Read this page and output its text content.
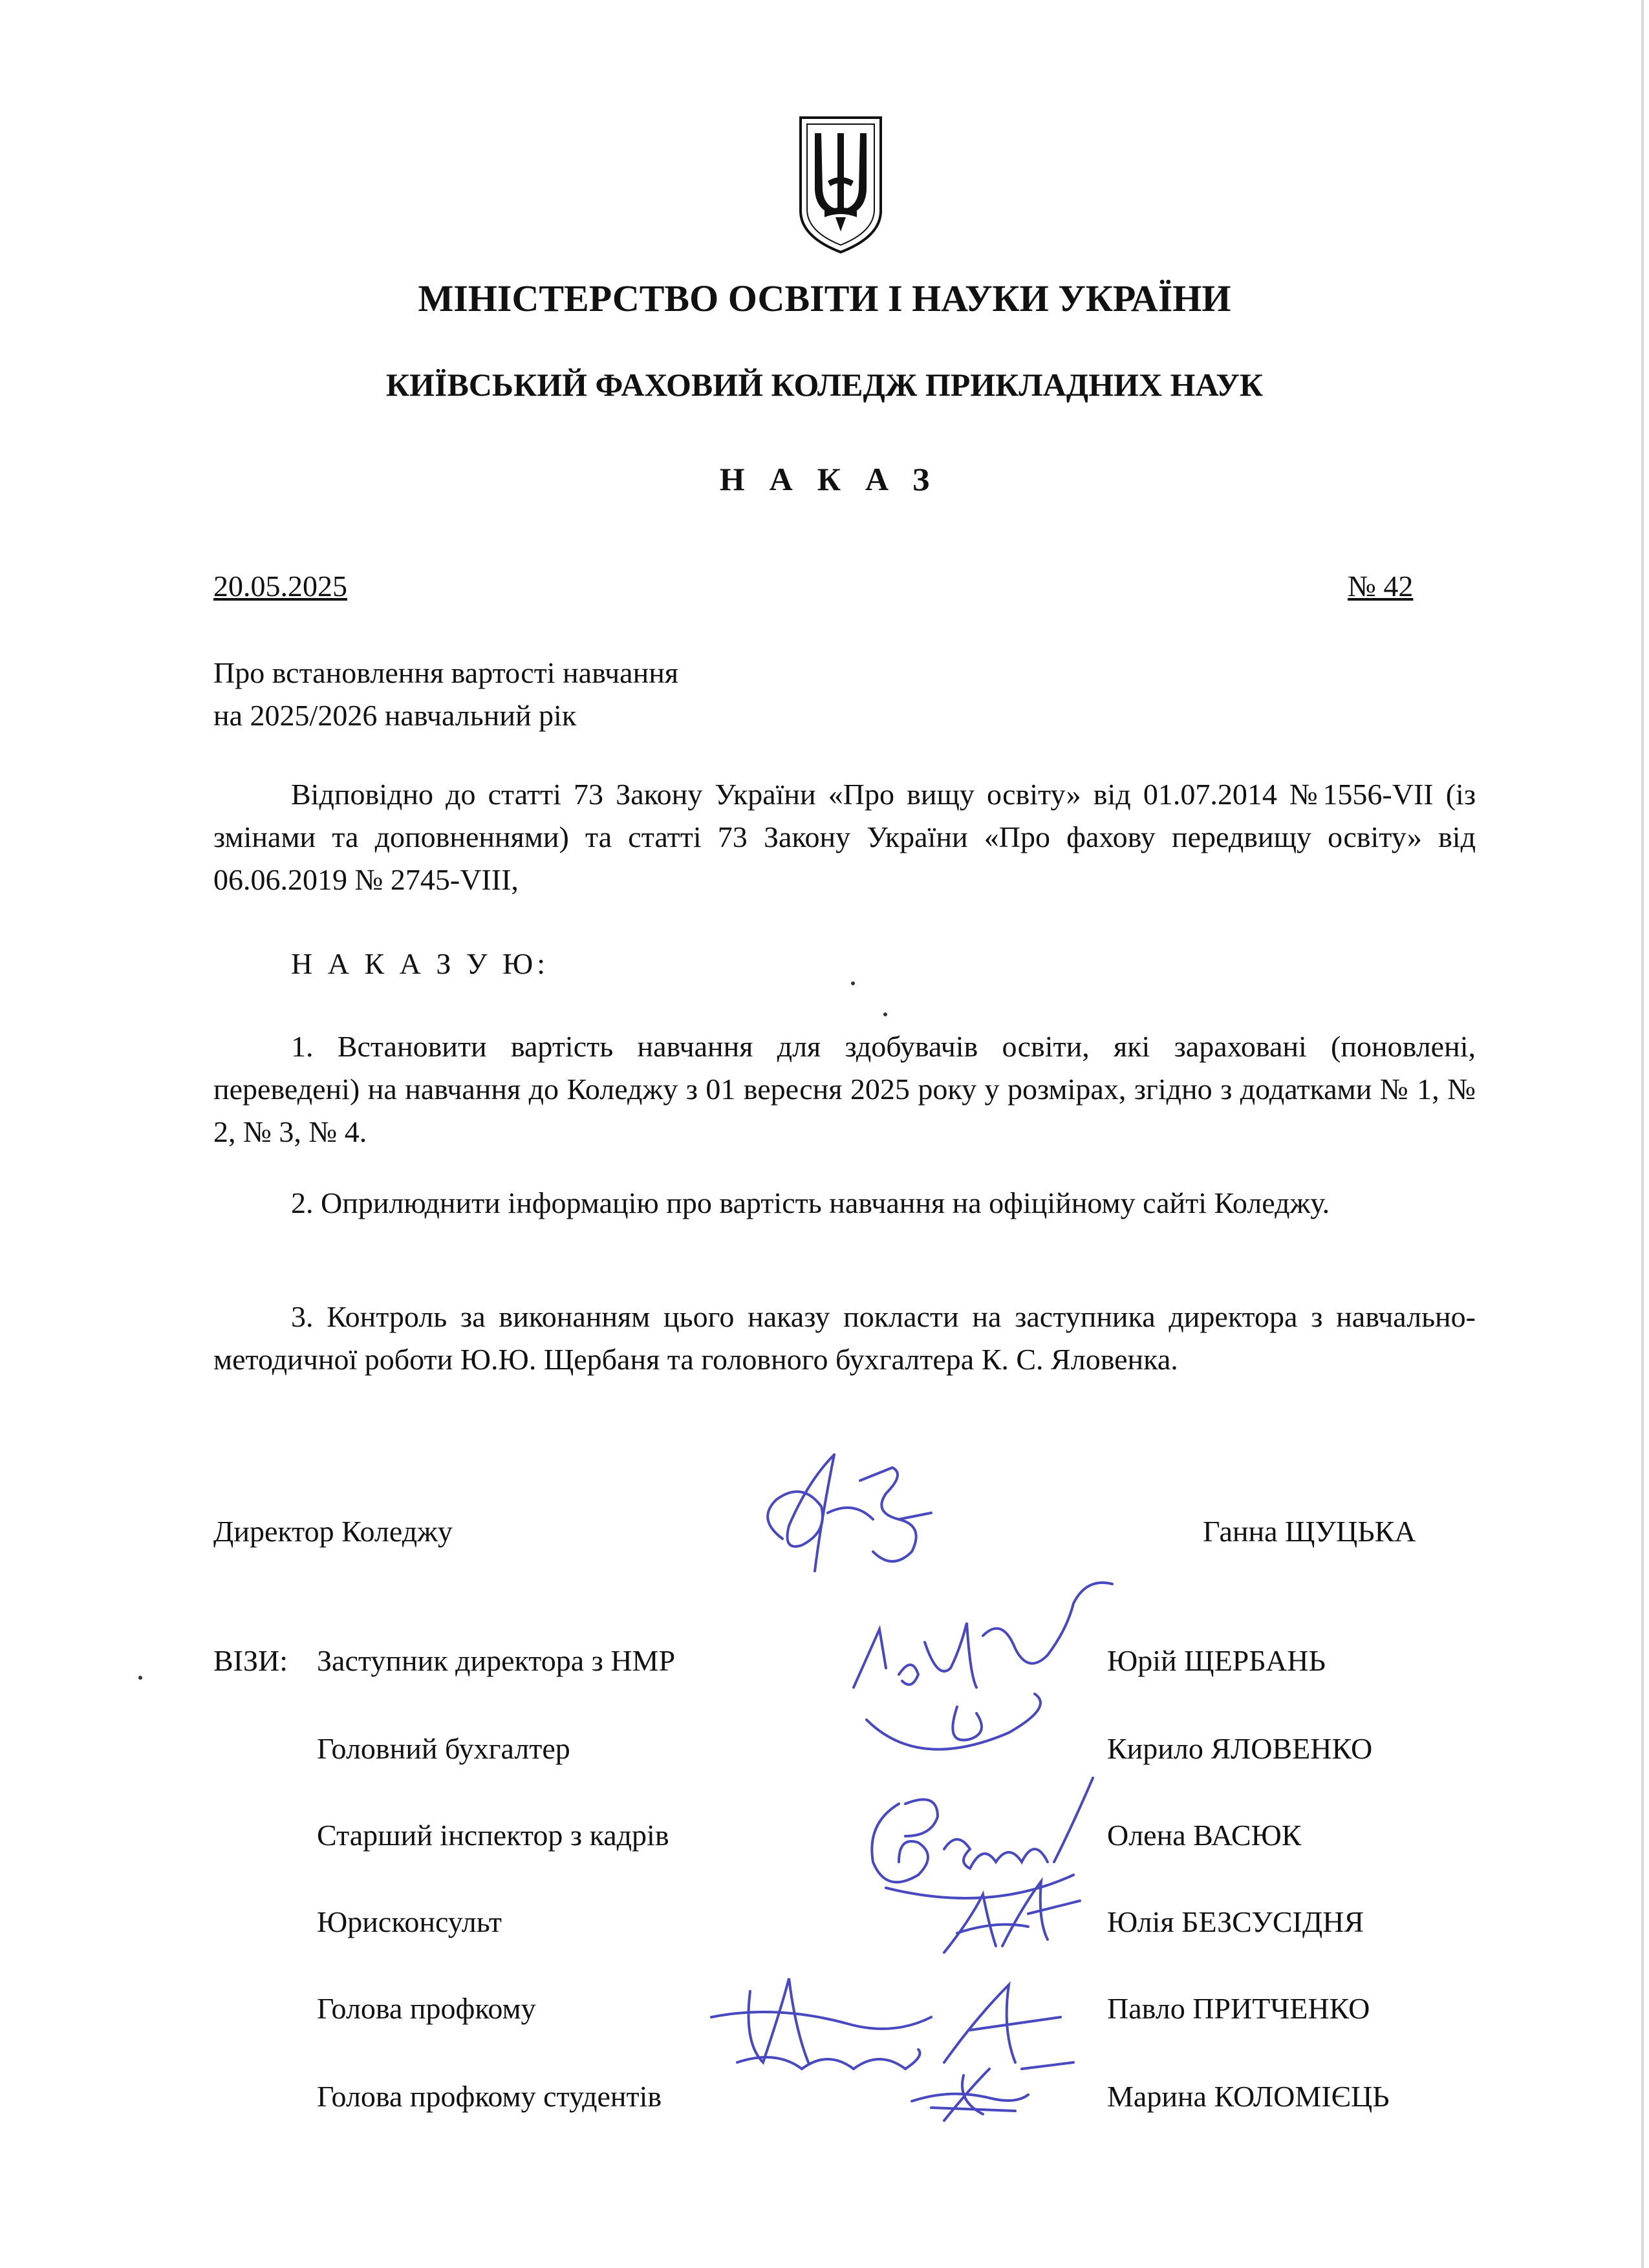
МІНІСТЕРСТВО ОСВІТИ І НАУКИ УКРАЇНИ
КИЇВСЬКИЙ ФАХОВИЙ КОЛЕДЖ ПРИКЛАДНИХ НАУК
НАКАЗ
20.05.2025	№ 42
Про встановлення вартості навчання
на 2025/2026 навчальний рік
Відповідно до статті 73 Закону України «Про вищу освіту» від 01.07.2014 №1556-VII (із змінами та доповненнями) та статті 73 Закону України «Про фахову передвищу освіту» від 06.06.2019 № 2745-VIII,
Н А К А З У Ю:
1. Встановити вартість навчання для здобувачів освіти, які зараховані (поновлені, переведені) на навчання до Коледжу з 01 вересня 2025 року у розмірах, згідно з додатками № 1, № 2, № 3, № 4.
2. Оприлюднити інформацію про вартість навчання на офіційному сайті Коледжу.
3. Контроль за виконанням цього наказу покласти на заступника директора з навчально-методичної роботи Ю.Ю. Щербаня та головного бухгалтера К. С. Яловенка.
Директор Коледжу	Ганна ЩУЦЬКА
ВІЗИ: Заступник директора з НМР	Юрій ЩЕРБАНЬ
Головний бухгалтер	Кирило ЯЛОВЕНКО
Старший інспектор з кадрів	Олена ВАСЮК
Юрисконсульт	Юлія БЕЗСУСІДНЯ
Голова профкому	Павло ПРИТЧЕНКО
Голова профкому студентів	Марина КОЛОМІЄЦЬ
